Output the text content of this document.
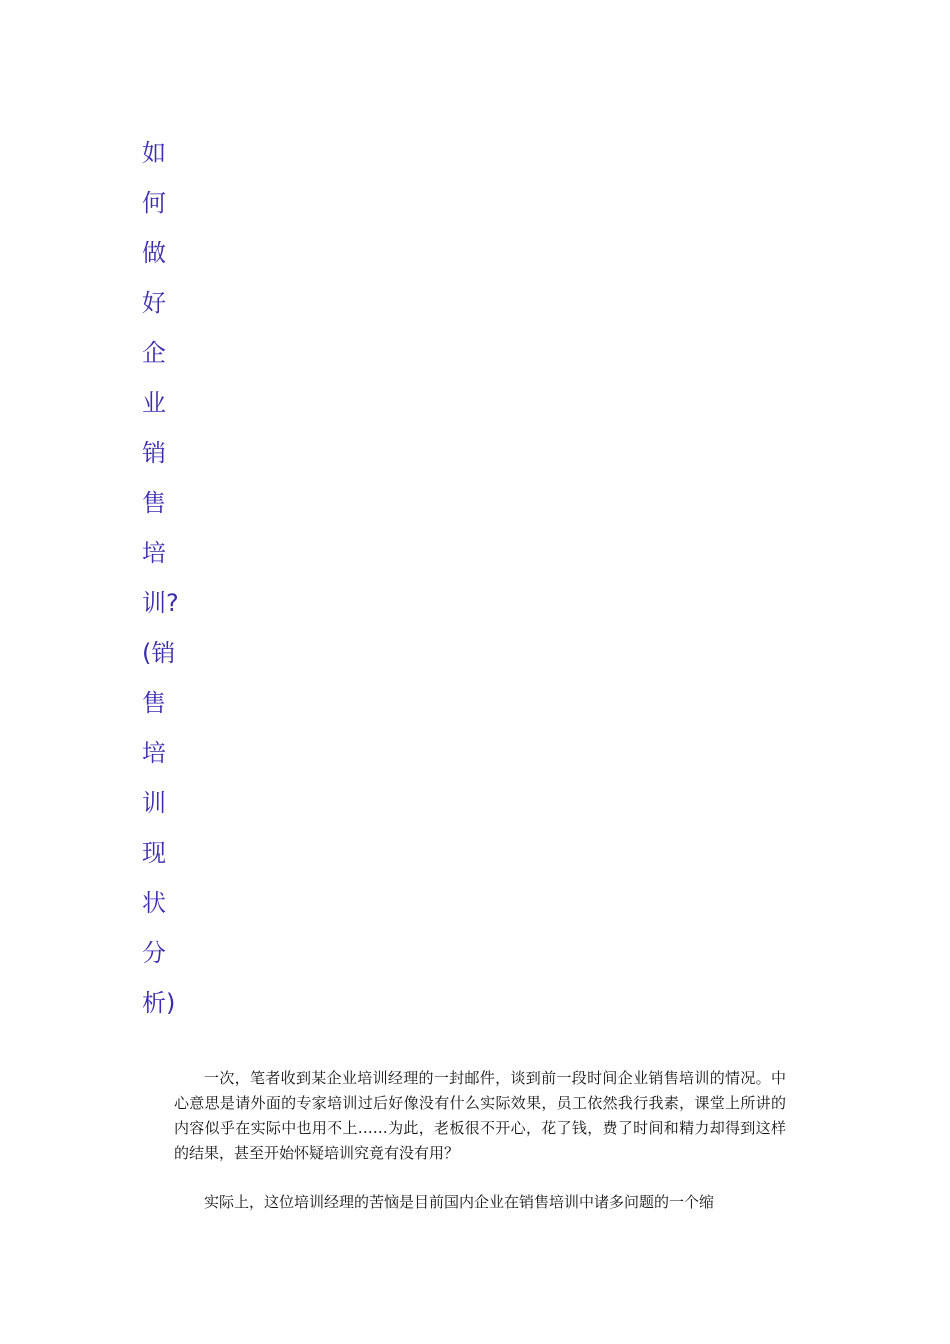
如
何
做
好
企
业
销
售
培
训?
(销
售
培
训
现
状
分
析)

一次，笔者收到某企业培训经理的一封邮件，谈到前一段时间企业销售培训的情况。中心意思是请外面的专家培训过后好像没有什么实际效果，员工依然我行我素，课堂上所讲的内容似乎在实际中也用不上……为此，老板很不开心，花了钱，费了时间和精力却得到这样的结果，甚至开始怀疑培训究竟有没有用？

实际上，这位培训经理的苦恼是目前国内企业在销售培训中诸多问题的一个缩
